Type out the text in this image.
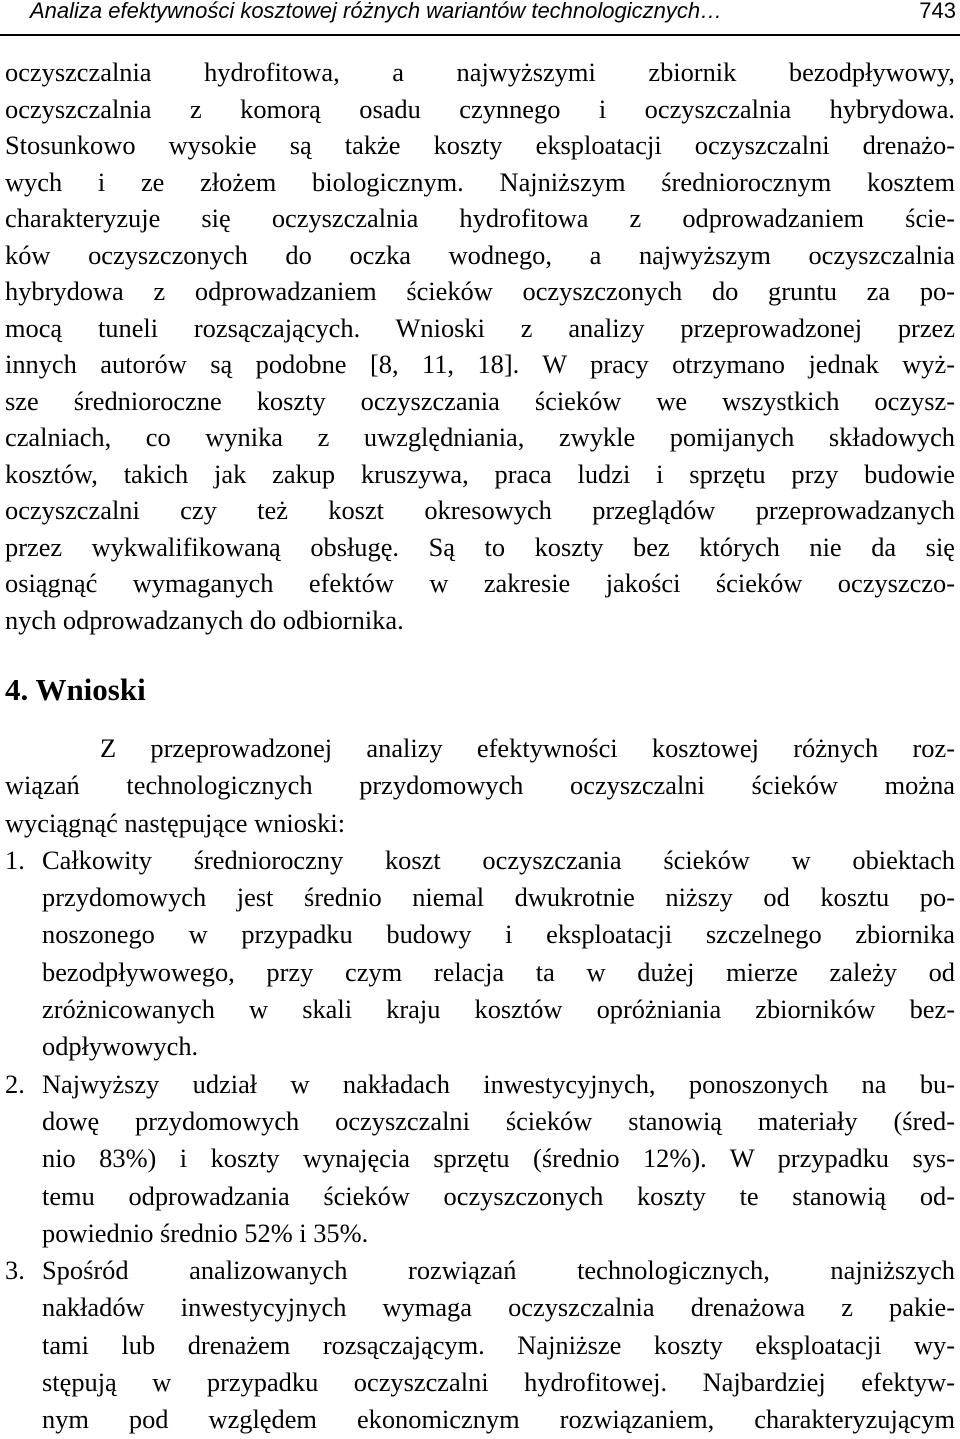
Analiza efektywności kosztowej różnych wariantów technologicznych…	743
oczyszczalnia hydrofitowa, a najwyższymi zbiornik bezodpływowy,
oczyszczalnia z komorą osadu czynnego i oczyszczalnia hybrydowa.
Stosunkowo wysokie są także koszty eksploatacji oczyszczalni drenażo-
wych i ze złożem biologicznym. Najniższym średniorocznym kosztem
charakteryzuje się oczyszczalnia hydrofitowa z odprowadzaniem ście-
ków oczyszczonych do oczka wodnego, a najwyższym oczyszczalnia
hybrydowa z odprowadzaniem ścieków oczyszczonych do gruntu za po-
mocą tuneli rozsączających. Wnioski z analizy przeprowadzonej przez
innych autorów są podobne [8, 11, 18]. W pracy otrzymano jednak wyż-
sze średnioroczne koszty oczyszczania ścieków we wszystkich oczysz-
czalniach, co wynika z uwzględniania, zwykle pomijanych składowych
kosztów, takich jak zakup kruszywa, praca ludzi i sprzętu przy budowie
oczyszczalni czy też koszt okresowych przeglądów przeprowadzanych
przez wykwalifikowaną obsługę. Są to koszty bez których nie da się
osiągnąć wymaganych efektów w zakresie jakości ścieków oczyszczo-
nych odprowadzanych do odbiornika.
4. Wnioski
Z przeprowadzonej analizy efektywności kosztowej różnych roz-
wiązań technologicznych przydomowych oczyszczalni ścieków można
wyciągnąć następujące wnioski:
1. Całkowity średnioroczny koszt oczyszczania ścieków w obiektach
przydomowych jest średnio niemal dwukrotnie niższy od kosztu po-
noszonego w przypadku budowy i eksploatacji szczelnego zbiornika
bezodpływowego, przy czym relacja ta w dużej mierze zależy od
zróżnicowanych w skali kraju kosztów opróżniania zbiorników bez-
odpływowych.
2. Najwyższy udział w nakładach inwestycyjnych, ponoszonych na bu-
dowę przydomowych oczyszczalni ścieków stanowią materiały (śred-
nio 83%) i koszty wynajęcia sprzętu (średnio 12%). W przypadku sys-
temu odprowadzania ścieków oczyszczonych koszty te stanowią od-
powiednio średnio 52% i 35%.
3. Spośród analizowanych rozwiązań technologicznych, najniższych
nakładów inwestycyjnych wymaga oczyszczalnia drenażowa z pakie-
tami lub drenażem rozsączającym. Najniższe koszty eksploatacji wy-
stępują w przypadku oczyszczalni hydrofitowej. Najbardziej efektyw-
nym pod względem ekonomicznym rozwiązaniem, charakteryzującym
